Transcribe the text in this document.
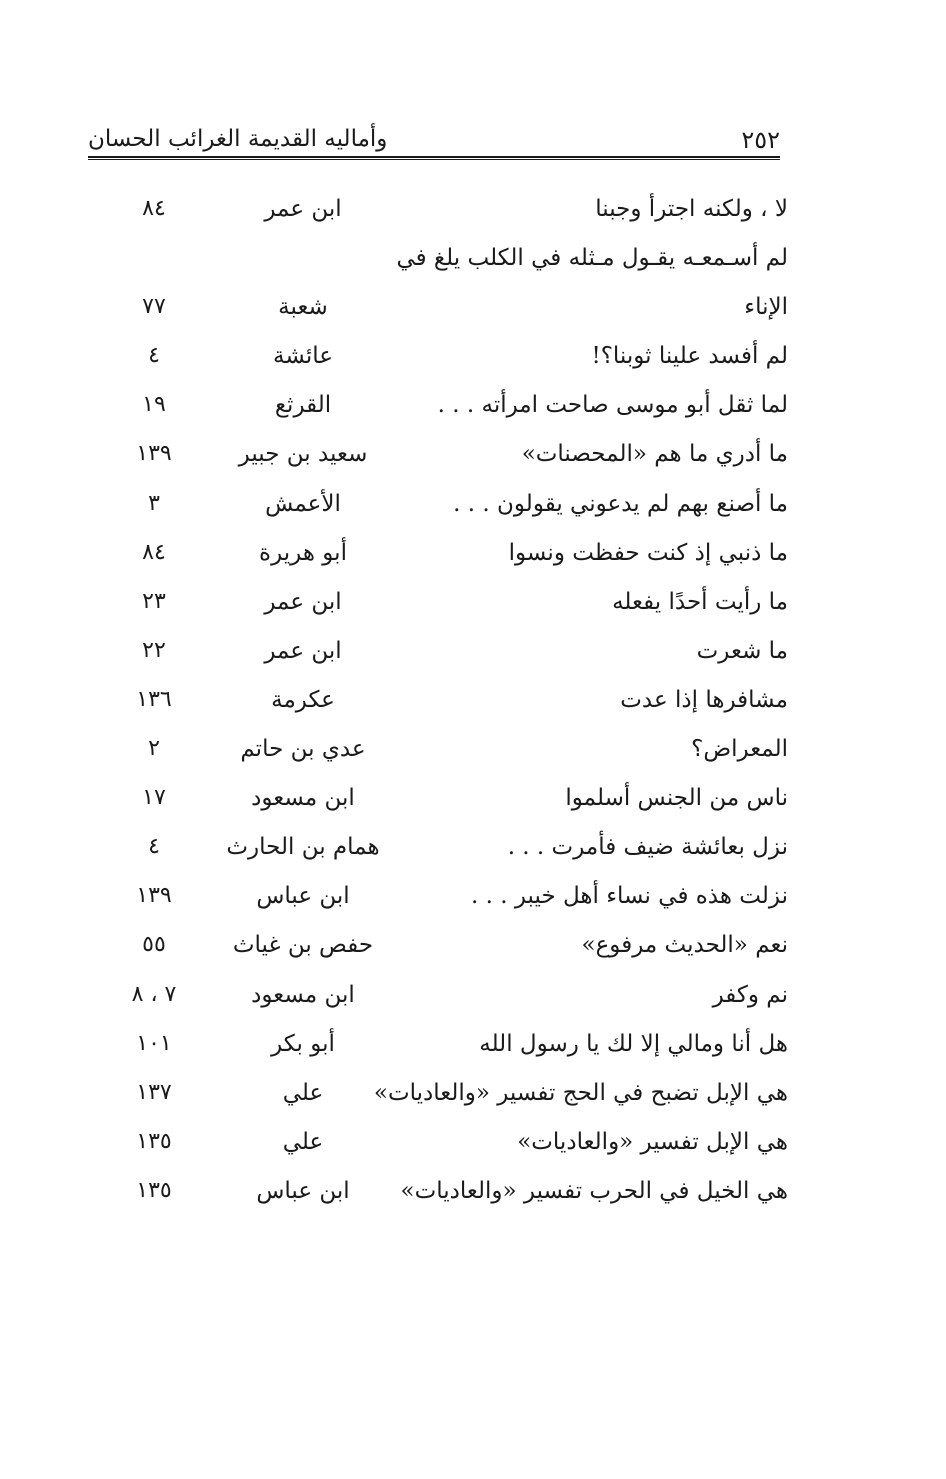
٢٥٢
وأماليه القديمة الغرائب الحسان
لا ، ولكنه اجترأ وجبنا
ابن عمر
٨٤
لم أسـمعـه يقـول مـثله في الكلب يلغ في
الإناء
شعبة
٧٧
لم أفسد علينا ثوبنا؟!
عائشة
٤
لما ثقل أبو موسى صاحت امرأته . . .
القرثع
١٩
ما أدري ما هم «المحصنات»
سعيد بن جبير
١٣٩
ما أصنع بهم لم يدعوني يقولون . . .
الأعمش
٣
ما ذنبي إذ كنت حفظت ونسوا
أبو هريرة
٨٤
ما رأيت أحدًا يفعله
ابن عمر
٢٣
ما شعرت
ابن عمر
٢٢
مشافرها إذا عدت
عكرمة
١٣٦
المعراض؟
عدي بن حاتم
٢
ناس من الجنس أسلموا
ابن مسعود
١٧
نزل بعائشة ضيف فأمرت . . .
همام بن الحارث
٤
نزلت هذه في نساء أهل خيبر . . .
ابن عباس
١٣٩
نعم «الحديث مرفوع»
حفص بن غياث
٥٥
نم وكفر
ابن مسعود
٧ ، ٨
هل أنا ومالي إلا لك يا رسول الله
أبو بكر
١٠١
هي الإبل تضبح في الحج تفسير «والعاديات»
علي
١٣٧
هي الإبل تفسير «والعاديات»
علي
١٣٥
هي الخيل في الحرب تفسير «والعاديات»
ابن عباس
١٣٥
